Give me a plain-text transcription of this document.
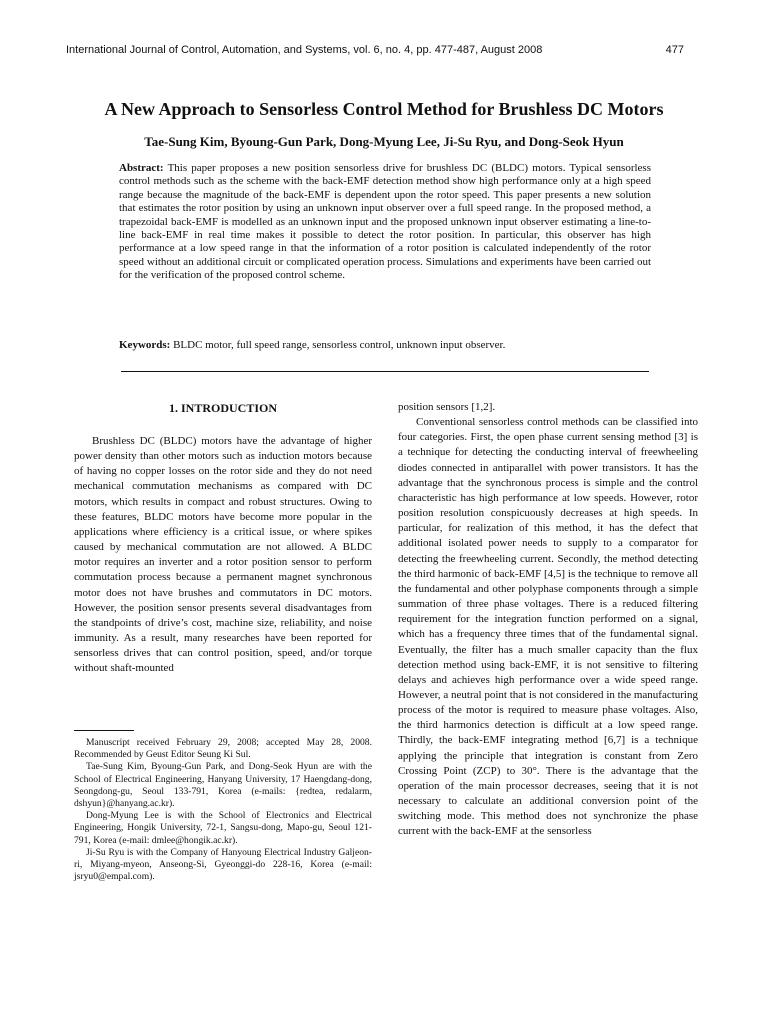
International Journal of Control, Automation, and Systems, vol. 6, no. 4, pp. 477-487, August 2008	477
A New Approach to Sensorless Control Method for Brushless DC Motors
Tae-Sung Kim, Byoung-Gun Park, Dong-Myung Lee, Ji-Su Ryu, and Dong-Seok Hyun

Abstract: This paper proposes a new position sensorless drive for brushless DC (BLDC) motors. Typical sensorless control methods such as the scheme with the back-EMF detection method show high performance only at a high speed range because the magnitude of the back-EMF is dependent upon the rotor speed. This paper presents a new solution that estimates the rotor position by using an unknown input observer over a full speed range. In the proposed method, a trapezoidal back-EMF is modelled as an unknown input and the proposed unknown input observer estimating a line-to-line back-EMF in real time makes it possible to detect the rotor position. In particular, this observer has high performance at a low speed range in that the information of a rotor position is calculated independently of the rotor speed without an additional circuit or complicated operation process. Simulations and experiments have been carried out for the verification of the proposed control scheme.

Keywords: BLDC motor, full speed range, sensorless control, unknown input observer.

1. INTRODUCTION

Brushless DC (BLDC) motors have the advantage of higher power density than other motors such as induction motors because of having no copper losses on the rotor side and they do not need mechanical commutation mechanisms as compared with DC motors, which results in compact and robust structures. Owing to these features, BLDC motors have become more popular in the applications where efficiency is a critical issue, or where spikes caused by mechanical commutation are not allowed. A BLDC motor requires an inverter and a rotor position sensor to perform commutation process because a permanent magnet synchronous motor does not have brushes and commutators in DC motors. However, the position sensor presents several disadvantages from the standpoints of drive’s cost, machine size, reliability, and noise immunity. As a result, many researches have been reported for sensorless drives that can control position, speed, and/or torque without shaft-mounted

position sensors [1,2].

Conventional sensorless control methods can be classified into four categories. First, the open phase current sensing method [3] is a technique for detecting the conducting interval of freewheeling diodes connected in antiparallel with power transistors. It has the advantage that the synchronous process is simple and the control characteristic has high performance at low speeds. However, rotor position resolution conspicuously decreases at high speeds. In particular, for realization of this method, it has the defect that additional isolated power needs to supply to a comparator for detecting the freewheeling current. Secondly, the method detecting the third harmonic of back-EMF [4,5] is the technique to remove all the fundamental and other polyphase components through a simple summation of three phase voltages. There is a reduced filtering requirement for the integration function performed on a signal, which has a frequency three times that of the fundamental signal. Eventually, the filter has a much smaller capacity than the flux detection method using back-EMF, it is not sensitive to filtering delays and achieves high performance over a wide speed range. However, a neutral point that is not considered in the manufacturing process of the motor is required to measure phase voltages. Also, the third harmonics detection is difficult at a low speed range. Thirdly, the back-EMF integrating method [6,7] is a technique applying the principle that integration is constant from Zero Crossing Point (ZCP) to 30°. There is the advantage that the operation of the main processor decreases, seeing that it is not necessary to calculate an additional conversion point of the switching mode. This method does not synchronize the phase current with the back-EMF at the sensorless

Manuscript received February 29, 2008; accepted May 28, 2008. Recommended by Geust Editor Seung Ki Sul.

Tae-Sung Kim, Byoung-Gun Park, and Dong-Seok Hyun are with the School of Electrical Engineering, Hanyang University, 17 Haengdang-dong, Seongdong-gu, Seoul 133-791, Korea (e-mails: {redtea, redalarm, dshyun}@hanyang.ac.kr).

Dong-Myung Lee is with the School of Electronics and Electrical Engineering, Hongik University, 72-1, Sangsu-dong, Mapo-gu, Seoul 121-791, Korea (e-mail: dmlee@hongik.ac.kr).

Ji-Su Ryu is with the Company of Hanyoung Electrical Industry Galjeon-ri, Miyang-myeon, Anseong-Si, Gyeonggi-do 228-16, Korea (e-mail: jsryu0@empal.com).
